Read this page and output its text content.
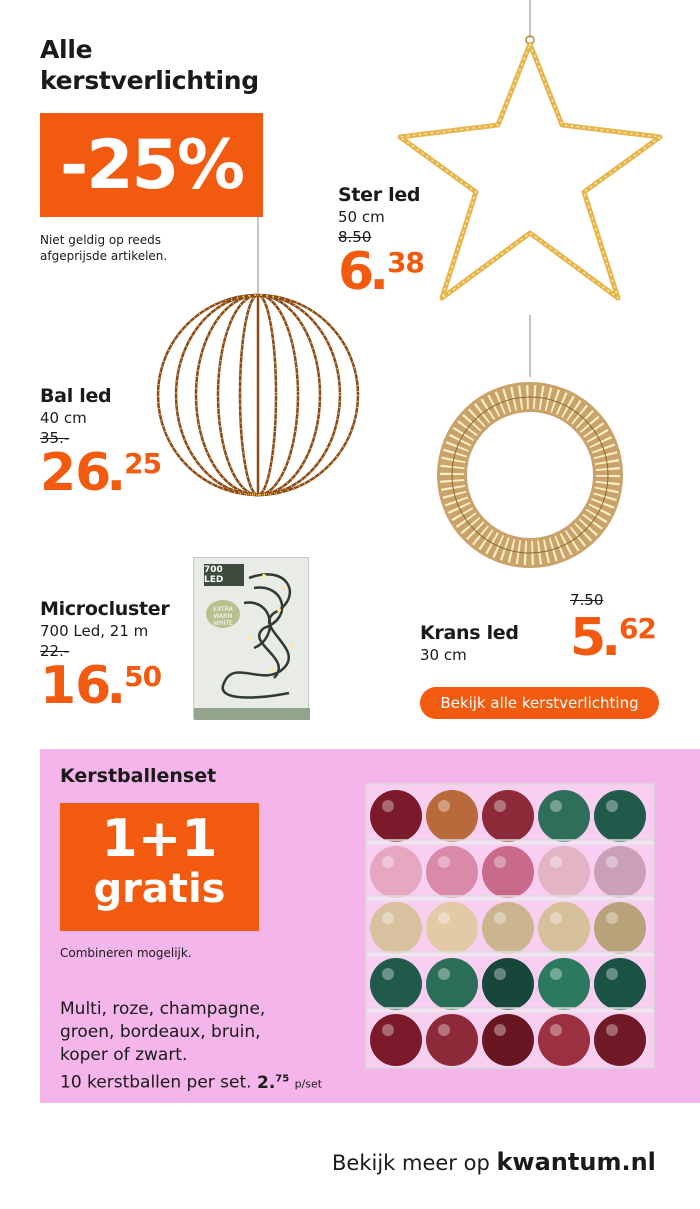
Alle
kerstverlichting
-25%
Niet geldig op reeds
afgeprijsde artikelen.
Ster led
50 cm
8.50
6
. 38
Bal led
40 cm
35.-
26
. 25
700 LED
EXTRA WARM WHITE
Microcluster
700 Led, 21 m
22.-
16
. 50
Krans led
30 cm
7.50
5
. 62
Bekijk alle kerstverlichting
Kerstballenset
1+1
gratis
Combineren mogelijk.
Multi, roze, champagne,
groen, bordeaux, bruin,
koper of zwart.
10 kerstballen per set. 2.75 p/set
Bekijk meer op kwantum.nl
